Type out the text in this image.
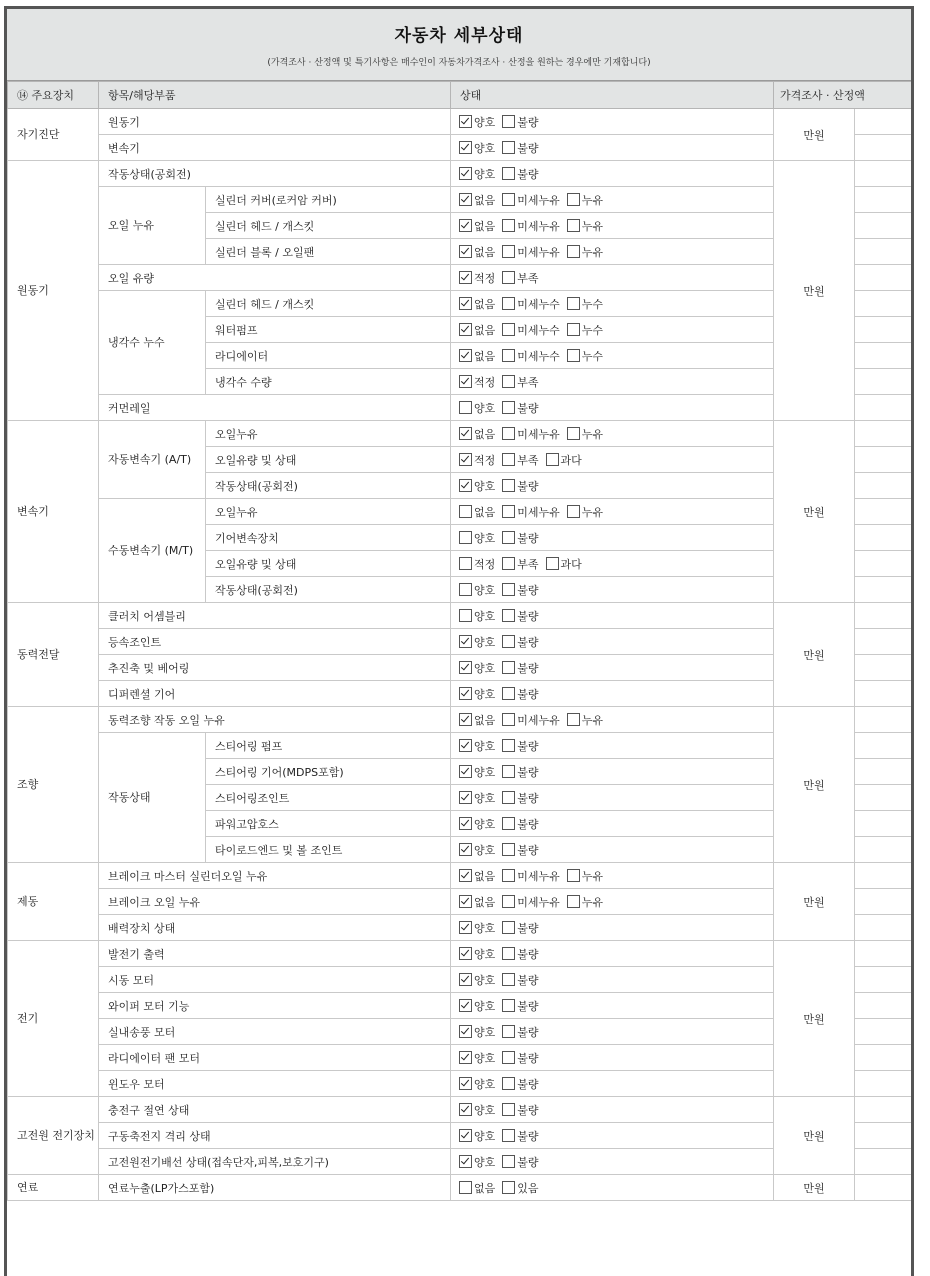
자동차 세부상태
(가격조사 · 산정액 및 특기사항은 매수인이 자동차가격조사 · 산정을 원하는 경우에만 기재합니다)
⑭ 주요장치	항목/해당부품		상태	가격조사 · 산정액	
자기진단	원동기		양호 불량	만원	
	변속기		양호 불량		
원동기	작동상태(공회전)		양호 불량	만원	
	오일 누유	실린더 커버(로커암 커버)	없음 미세누유 누유		
		실린더 헤드 / 개스킷	없음 미세누유 누유		
		실린더 블록 / 오일팬	없음 미세누유 누유		
	오일 유량		적정 부족		
	냉각수 누수	실린더 헤드 / 개스킷	없음 미세누수 누수		
		워터펌프	없음 미세누수 누수		
		라디에이터	없음 미세누수 누수		
		냉각수 수량	적정 부족		
	커먼레일		양호 불량		
변속기	자동변속기 (A/T)	오일누유	없음 미세누유 누유	만원	
		오일유량 및 상태	적정 부족 과다		
		작동상태(공회전)	양호 불량		
	수동변속기 (M/T)	오일누유	없음 미세누유 누유		
		기어변속장치	양호 불량		
		오일유량 및 상태	적정 부족 과다		
		작동상태(공회전)	양호 불량		
동력전달	클러치 어셈블리		양호 불량	만원	
	등속조인트		양호 불량		
	추진축 및 베어링		양호 불량		
	디퍼렌셜 기어		양호 불량		
조향	동력조향 작동 오일 누유		없음 미세누유 누유	만원	
	작동상태	스티어링 펌프	양호 불량		
		스티어링 기어(MDPS포함)	양호 불량		
		스티어링조인트	양호 불량		
		파워고압호스	양호 불량		
		타이로드엔드 및 볼 조인트	양호 불량		
제동	브레이크 마스터 실린더오일 누유		없음 미세누유 누유	만원	
	브레이크 오일 누유		없음 미세누유 누유		
	배력장치 상태		양호 불량		
전기	발전기 출력		양호 불량	만원	
	시동 모터		양호 불량		
	와이퍼 모터 기능		양호 불량		
	실내송풍 모터		양호 불량		
	라디에이터 팬 모터		양호 불량		
	윈도우 모터		양호 불량		
고전원 전기장치	충전구 절연 상태		양호 불량	만원	
	구동축전지 격리 상태		양호 불량		
	고전원전기배선 상태(접속단자,피복,보호기구)		양호 불량		
연료	연료누출(LP가스포함)		없음 있음	만원	
